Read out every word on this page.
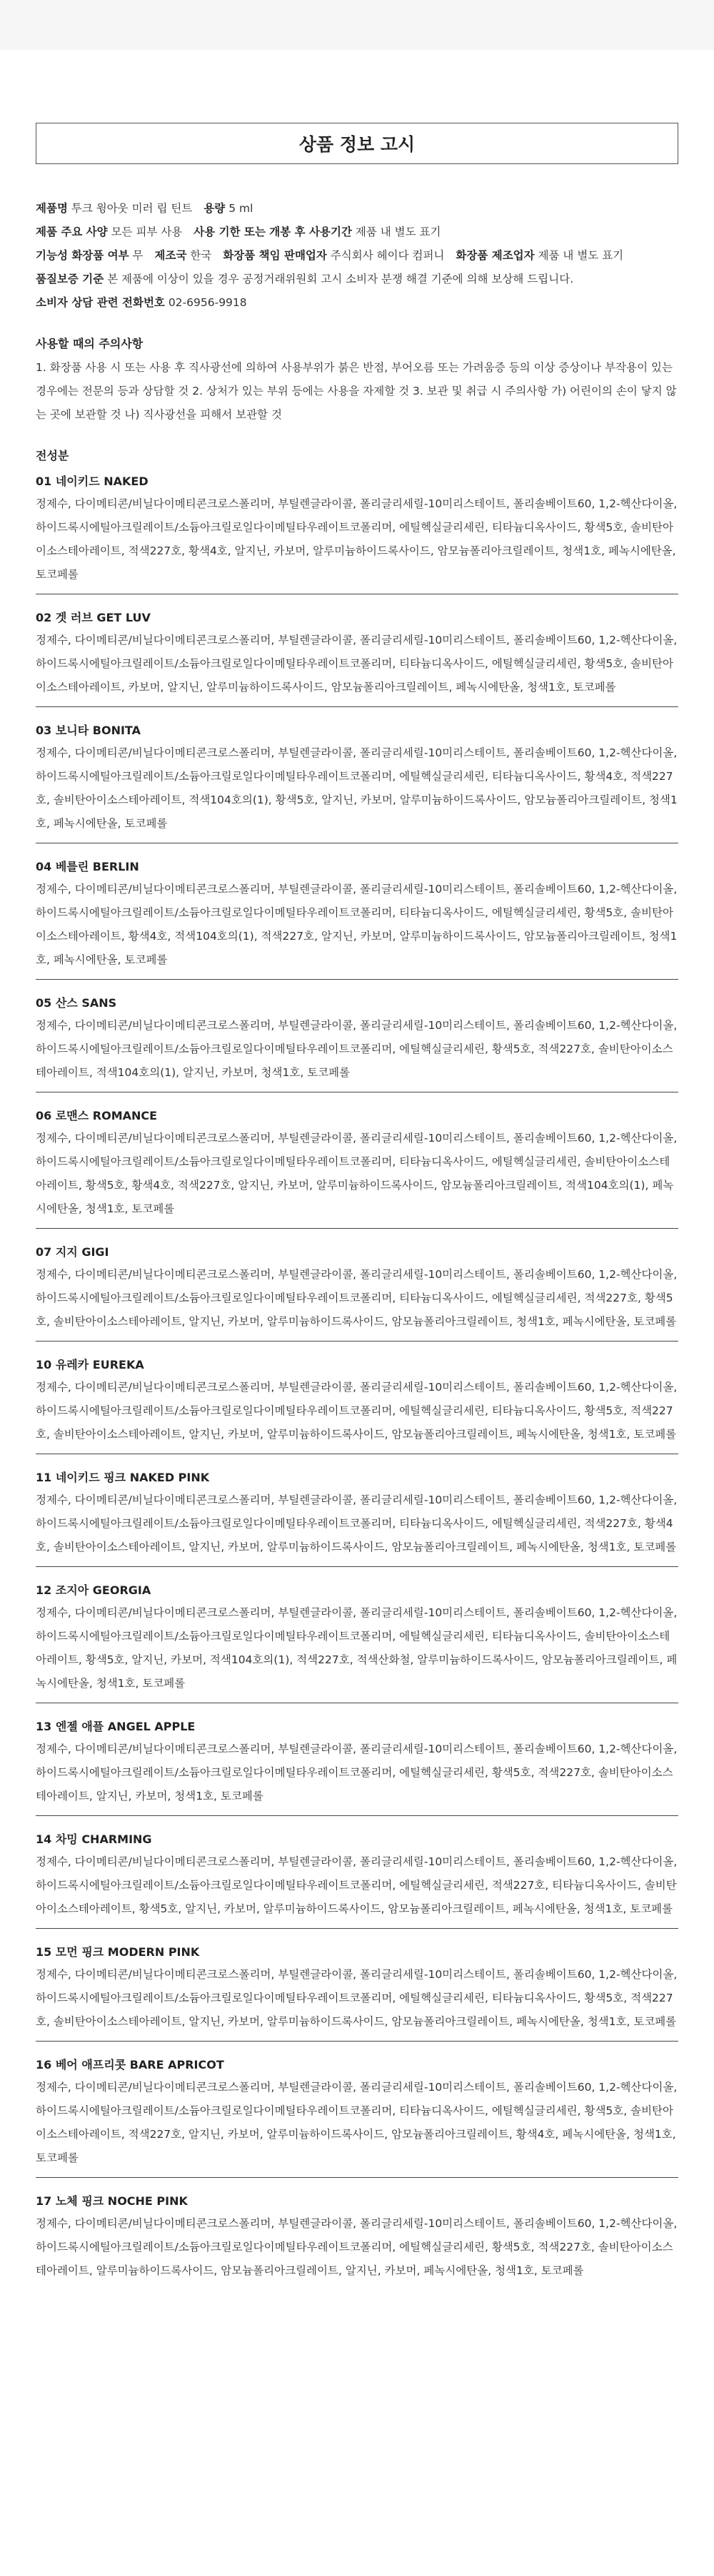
상품 정보 고시
제품명 투크 윙아웃 미러 립 틴트 용량 5 ml
제품 주요 사양 모든 피부 사용 사용 기한 또는 개봉 후 사용기간 제품 내 별도 표기
기능성 화장품 여부 무 제조국 한국 화장품 책임 판매업자 주식회사 헤이다 컴퍼니 화장품 제조업자 제품 내 별도 표기
품질보증 기준 본 제품에 이상이 있을 경우 공정거래위원회 고시 소비자 분쟁 해결 기준에 의해 보상해 드립니다.
소비자 상담 관련 전화번호 02-6956-9918
사용할 때의 주의사항
1. 화장품 사용 시 또는 사용 후 직사광선에 의하여 사용부위가 붉은 반점, 부어오름 또는 가려움증 등의 이상 증상이나 부작용이 있는 경우에는 전문의 등과 상담할 것 2. 상처가 있는 부위 등에는 사용을 자제할 것 3. 보관 및 취급 시 주의사항 가) 어린이의 손이 닿지 않는 곳에 보관할 것 나) 직사광선을 피해서 보관할 것
전성분
01 네이키드 NAKED
정제수, 다이메티콘/비닐다이메티콘크로스폴리머, 부틸렌글라이콜, 폴리글리세릴-10미리스테이트, 폴리솔베이트60, 1,2-헥산다이올, 하이드록시에틸아크릴레이트/소듐아크릴로일다이메틸타우레이트코폴리머, 에틸헥실글리세린, 티타늄디옥사이드, 황색5호, 솔비탄아이소스테아레이트, 적색227호, 황색4호, 알지닌, 카보머, 알루미늄하이드록사이드, 암모늄폴리아크릴레이트, 청색1호, 페녹시에탄올, 토코페롤
02 겟 러브 GET LUV
정제수, 다이메티콘/비닐다이메티콘크로스폴리머, 부틸렌글라이콜, 폴리글리세릴-10미리스테이트, 폴리솔베이트60, 1,2-헥산다이올, 하이드록시에틸아크릴레이트/소듐아크릴로일다이메틸타우레이트코폴리머, 티타늄디옥사이드, 에틸헥실글리세린, 황색5호, 솔비탄아이소스테아레이트, 카보머, 알지닌, 알루미늄하이드록사이드, 암모늄폴리아크릴레이트, 페녹시에탄올, 청색1호, 토코페롤
03 보니타 BONITA
정제수, 다이메티콘/비닐다이메티콘크로스폴리머, 부틸렌글라이콜, 폴리글리세릴-10미리스테이트, 폴리솔베이트60, 1,2-헥산다이올, 하이드록시에틸아크릴레이트/소듐아크릴로일다이메틸타우레이트코폴리머, 에틸헥실글리세린, 티타늄디옥사이드, 황색4호, 적색227호, 솔비탄아이소스테아레이트, 적색104호의(1), 황색5호, 알지닌, 카보머, 알루미늄하이드록사이드, 암모늄폴리아크릴레이트, 청색1호, 페녹시에탄올, 토코페롤
04 베를린 BERLIN
정제수, 다이메티콘/비닐다이메티콘크로스폴리머, 부틸렌글라이콜, 폴리글리세릴-10미리스테이트, 폴리솔베이트60, 1,2-헥산다이올, 하이드록시에틸아크릴레이트/소듐아크릴로일다이메틸타우레이트코폴리머, 티타늄디옥사이드, 에틸헥실글리세린, 황색5호, 솔비탄아이소스테아레이트, 황색4호, 적색104호의(1), 적색227호, 알지닌, 카보머, 알루미늄하이드록사이드, 암모늄폴리아크릴레이트, 청색1호, 페녹시에탄올, 토코페롤
05 산스 SANS
정제수, 다이메티콘/비닐다이메티콘크로스폴리머, 부틸렌글라이콜, 폴리글리세릴-10미리스테이트, 폴리솔베이트60, 1,2-헥산다이올, 하이드록시에틸아크릴레이트/소듐아크릴로일다이메틸타우레이트코폴리머, 에틸헥실글리세린, 황색5호, 적색227호, 솔비탄아이소스테아레이트, 적색104호의(1), 알지닌, 카보머, 청색1호, 토코페롤
06 로맨스 ROMANCE
정제수, 다이메티콘/비닐다이메티콘크로스폴리머, 부틸렌글라이콜, 폴리글리세릴-10미리스테이트, 폴리솔베이트60, 1,2-헥산다이올, 하이드록시에틸아크릴레이트/소듐아크릴로일다이메틸타우레이트코폴리머, 티타늄디옥사이드, 에틸헥실글리세린, 솔비탄아이소스테아레이트, 황색5호, 황색4호, 적색227호, 알지닌, 카보머, 알루미늄하이드록사이드, 암모늄폴리아크릴레이트, 적색104호의(1), 페녹시에탄올, 청색1호, 토코페롤
07 지지 GIGI
정제수, 다이메티콘/비닐다이메티콘크로스폴리머, 부틸렌글라이콜, 폴리글리세릴-10미리스테이트, 폴리솔베이트60, 1,2-헥산다이올, 하이드록시에틸아크릴레이트/소듐아크릴로일다이메틸타우레이트코폴리머, 티타늄디옥사이드, 에틸헥실글리세린, 적색227호, 황색5호, 솔비탄아이소스테아레이트, 알지닌, 카보머, 알루미늄하이드록사이드, 암모늄폴리아크릴레이트, 청색1호, 페녹시에탄올, 토코페롤
10 유레카 EUREKA
정제수, 다이메티콘/비닐다이메티콘크로스폴리머, 부틸렌글라이콜, 폴리글리세릴-10미리스테이트, 폴리솔베이트60, 1,2-헥산다이올, 하이드록시에틸아크릴레이트/소듐아크릴로일다이메틸타우레이트코폴리머, 에틸헥실글리세린, 티타늄디옥사이드, 황색5호, 적색227호, 솔비탄아이소스테아레이트, 알지닌, 카보머, 알루미늄하이드록사이드, 암모늄폴리아크릴레이트, 페녹시에탄올, 청색1호, 토코페롤
11 네이키드 핑크 NAKED PINK
정제수, 다이메티콘/비닐다이메티콘크로스폴리머, 부틸렌글라이콜, 폴리글리세릴-10미리스테이트, 폴리솔베이트60, 1,2-헥산다이올, 하이드록시에틸아크릴레이트/소듐아크릴로일다이메틸타우레이트코폴리머, 티타늄디옥사이드, 에틸헥실글리세린, 적색227호, 황색4호, 솔비탄아이소스테아레이트, 알지닌, 카보머, 알루미늄하이드록사이드, 암모늄폴리아크릴레이트, 페녹시에탄올, 청색1호, 토코페롤
12 조지아 GEORGIA
정제수, 다이메티콘/비닐다이메티콘크로스폴리머, 부틸렌글라이콜, 폴리글리세릴-10미리스테이트, 폴리솔베이트60, 1,2-헥산다이올, 하이드록시에틸아크릴레이트/소듐아크릴로일다이메틸타우레이트코폴리머, 에틸헥실글리세린, 티타늄디옥사이드, 솔비탄아이소스테아레이트, 황색5호, 알지닌, 카보머, 적색104호의(1), 적색227호, 적색산화철, 알루미늄하이드록사이드, 암모늄폴리아크릴레이트, 페녹시에탄올, 청색1호, 토코페롤
13 엔젤 애플 ANGEL APPLE
정제수, 다이메티콘/비닐다이메티콘크로스폴리머, 부틸렌글라이콜, 폴리글리세릴-10미리스테이트, 폴리솔베이트60, 1,2-헥산다이올, 하이드록시에틸아크릴레이트/소듐아크릴로일다이메틸타우레이트코폴리머, 에틸헥실글리세린, 황색5호, 적색227호, 솔비탄아이소스테아레이트, 알지닌, 카보머, 청색1호, 토코페롤
14 차밍 CHARMING
정제수, 다이메티콘/비닐다이메티콘크로스폴리머, 부틸렌글라이콜, 폴리글리세릴-10미리스테이트, 폴리솔베이트60, 1,2-헥산다이올, 하이드록시에틸아크릴레이트/소듐아크릴로일다이메틸타우레이트코폴리머, 에틸헥실글리세린, 적색227호, 티타늄디옥사이드, 솔비탄아이소스테아레이트, 황색5호, 알지닌, 카보머, 알루미늄하이드록사이드, 암모늄폴리아크릴레이트, 페녹시에탄올, 청색1호, 토코페롤
15 모먼 핑크 MODERN PINK
정제수, 다이메티콘/비닐다이메티콘크로스폴리머, 부틸렌글라이콜, 폴리글리세릴-10미리스테이트, 폴리솔베이트60, 1,2-헥산다이올, 하이드록시에틸아크릴레이트/소듐아크릴로일다이메틸타우레이트코폴리머, 에틸헥실글리세린, 티타늄디옥사이드, 황색5호, 적색227호, 솔비탄아이소스테아레이트, 알지닌, 카보머, 알루미늄하이드록사이드, 암모늄폴리아크릴레이트, 페녹시에탄올, 청색1호, 토코페롤
16 베어 애프리콧 BARE APRICOT
정제수, 다이메티콘/비닐다이메티콘크로스폴리머, 부틸렌글라이콜, 폴리글리세릴-10미리스테이트, 폴리솔베이트60, 1,2-헥산다이올, 하이드록시에틸아크릴레이트/소듐아크릴로일다이메틸타우레이트코폴리머, 티타늄디옥사이드, 에틸헥실글리세린, 황색5호, 솔비탄아이소스테아레이트, 적색227호, 알지닌, 카보머, 알루미늄하이드록사이드, 암모늄폴리아크릴레이트, 황색4호, 페녹시에탄올, 청색1호, 토코페롤
17 노체 핑크 NOCHE PINK
정제수, 다이메티콘/비닐다이메티콘크로스폴리머, 부틸렌글라이콜, 폴리글리세릴-10미리스테이트, 폴리솔베이트60, 1,2-헥산다이올, 하이드록시에틸아크릴레이트/소듐아크릴로일다이메틸타우레이트코폴리머, 에틸헥실글리세린, 황색5호, 적색227호, 솔비탄아이소스테아레이트, 알루미늄하이드록사이드, 암모늄폴리아크릴레이트, 알지닌, 카보머, 페녹시에탄올, 청색1호, 토코페롤
